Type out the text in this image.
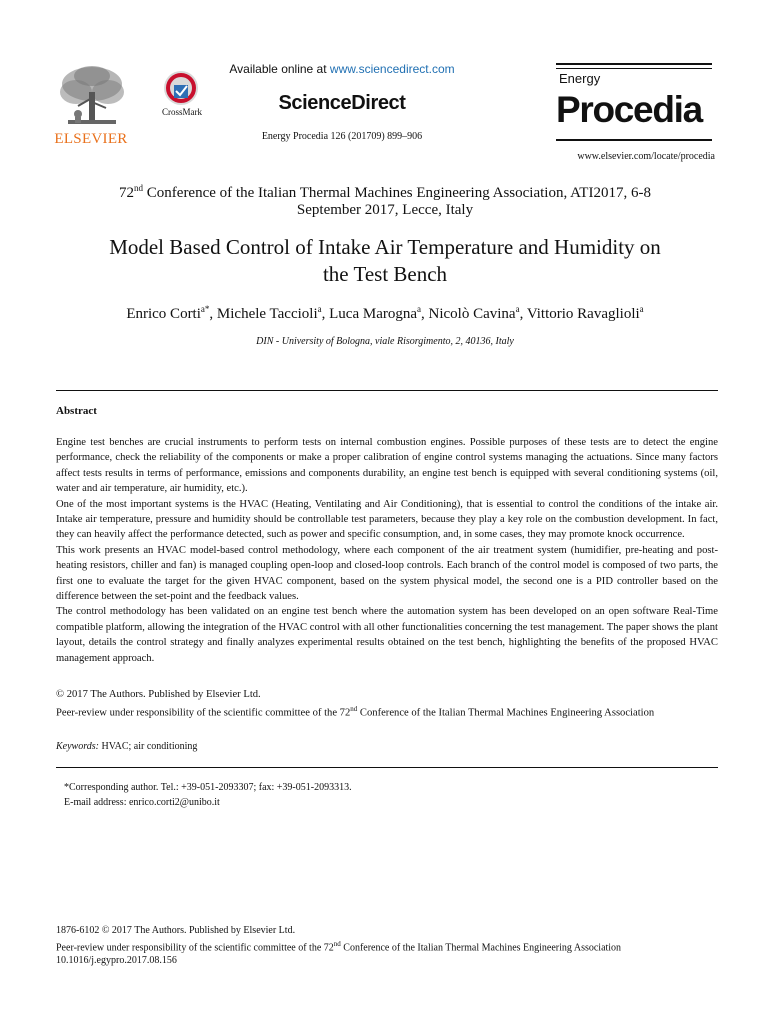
ELSEVIER
CrossMark
Available online at www.sciencedirect.com
ScienceDirect
Energy Procedia 126 (201709) 899–906
Energy
Procedia
www.elsevier.com/locate/procedia
72nd Conference of the Italian Thermal Machines Engineering Association, ATI2017, 6-8
September 2017, Lecce, Italy
Model Based Control of Intake Air Temperature and Humidity on
the Test Bench
Enrico Corti$^{a*}$, Michele Taccioli$^a$, Luca Marogna$^a$, Nicolò Cavina$^a$, Vittorio Ravaglioli$^a$
DIN - University of Bologna, viale Risorgimento, 2, 40136, Italy
Abstract

Engine test benches are crucial instruments to perform tests on internal combustion engines. Possible purposes of these tests are to detect the engine performance, check the reliability of the components or make a proper calibration of engine control systems managing the actuations. Since many factors affect tests results in terms of performance, emissions and components durability, an engine test bench is equipped with several conditioning systems (oil, water and air temperature, air humidity, etc.).

One of the most important systems is the HVAC (Heating, Ventilating and Air Conditioning), that is essential to control the conditions of the intake air. Intake air temperature, pressure and humidity should be controllable test parameters, because they play a key role on the combustion development. In fact, they can heavily affect the performance detected, such as power and specific consumption, and, in some cases, they may promote knock occurrence.

This work presents an HVAC model-based control methodology, where each component of the air treatment system (humidifier, pre-heating and post-heating resistors, chiller and fan) is managed coupling open-loop and closed-loop controls. Each branch of the control model is composed of two parts, the first one to evaluate the target for the given HVAC component, based on the system physical model, the second one is a PID controller based on the difference between the set-point and the feedback values.

The control methodology has been validated on an engine test bench where the automation system has been developed on an open software Real-Time compatible platform, allowing the integration of the HVAC control with all other functionalities concerning the test management. The paper shows the plant layout, details the control strategy and finally analyzes experimental results obtained on the test bench, highlighting the benefits of the proposed HVAC management approach.

© 2017 The Authors. Published by Elsevier Ltd.
Peer-review under responsibility of the scientific committee of the 72nd Conference of the Italian Thermal Machines Engineering Association
Keywords: HVAC; air conditioning
*Corresponding author. Tel.: +39-051-2093307; fax: +39-051-2093313.
E-mail address: enrico.corti2@unibo.it
1876-6102 © 2017 The Authors. Published by Elsevier Ltd.
Peer-review under responsibility of the scientific committee of the 72nd Conference of the Italian Thermal Machines Engineering Association
10.1016/j.egypro.2017.08.156
